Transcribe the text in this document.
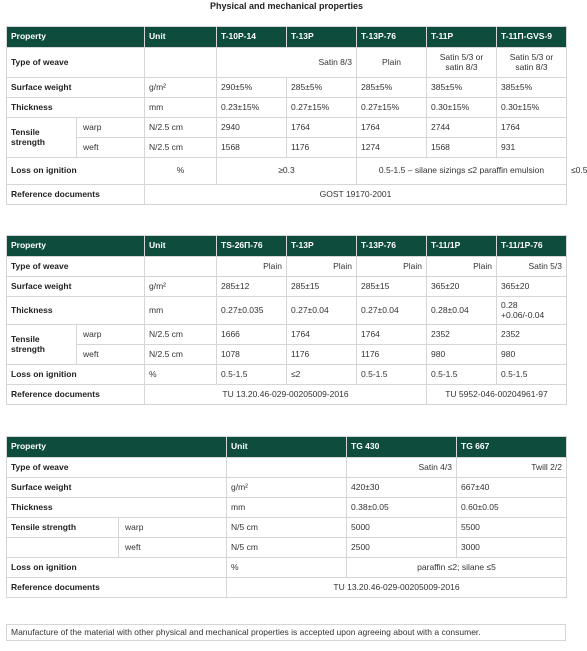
Physical and mechanical properties
Property		Unit	T-10P-14	T-13P	T-13P-76	T-11P	T-11П-GVS-9	
Type of weave			Satin 8/3		Plain	Satin 5/3 or satin 8/3	Satin 5/3 or satin 8/3	
Surface weight		g/m²	290±5%	285±5%	285±5%	385±5%	385±5%	
Thickness		mm	0.23±15%	0.27±15%	0.27±15%	0.30±15%	0.30±15%	
Tensile strength	warp	N/2.5 cm	2940	1764	1764	2744	1764	
	weft	N/2.5 cm	1568	1176	1274	1568	931	
Loss on ignition		%	≥0.3		0.5-1.5 – silane sizings ≤2 paraffin emulsion			≤0.5
Reference documents		GOST 19170-2001						
Property		Unit	TS-26П-76	T-13P	T-13P-76	T-11/1P	T-11/1P-76
Type of weave			Plain	Plain	Plain	Plain	Satin 5/3
Surface weight		g/m²	285±12	285±15	285±15	365±20	365±20
Thickness		mm	0.27±0.035	0.27±0.04	0.27±0.04	0.28±0.04	0.28 +0.06/-0.04
Tensile strength	warp	N/2.5 cm	1666	1764	1764	2352	2352
	weft	N/2.5 cm	1078	1176	1176	980	980
Loss on ignition		%	0.5-1.5	≤2	0.5-1.5	0.5-1.5	0.5-1.5
Reference documents		TU 13.20.46-029-00205009-2016				TU 5952-046-00204961-97	
Property		Unit	TG 430	TG 667
Type of weave			Satin 4/3	Twill 2/2
Surface weight		g/m²	420±30	667±40
Thickness		mm	0.38±0.05	0.60±0.05
Tensile strength	warp	N/5 cm	5000	5500
	weft	N/5 cm	2500	3000
Loss on ignition		%	paraffin ≤2; silane ≤5	
Reference documents		TU 13.20.46-029-00205009-2016		
Manufacture of the material with other physical and mechanical properties is accepted upon agreeing about with a consumer.
